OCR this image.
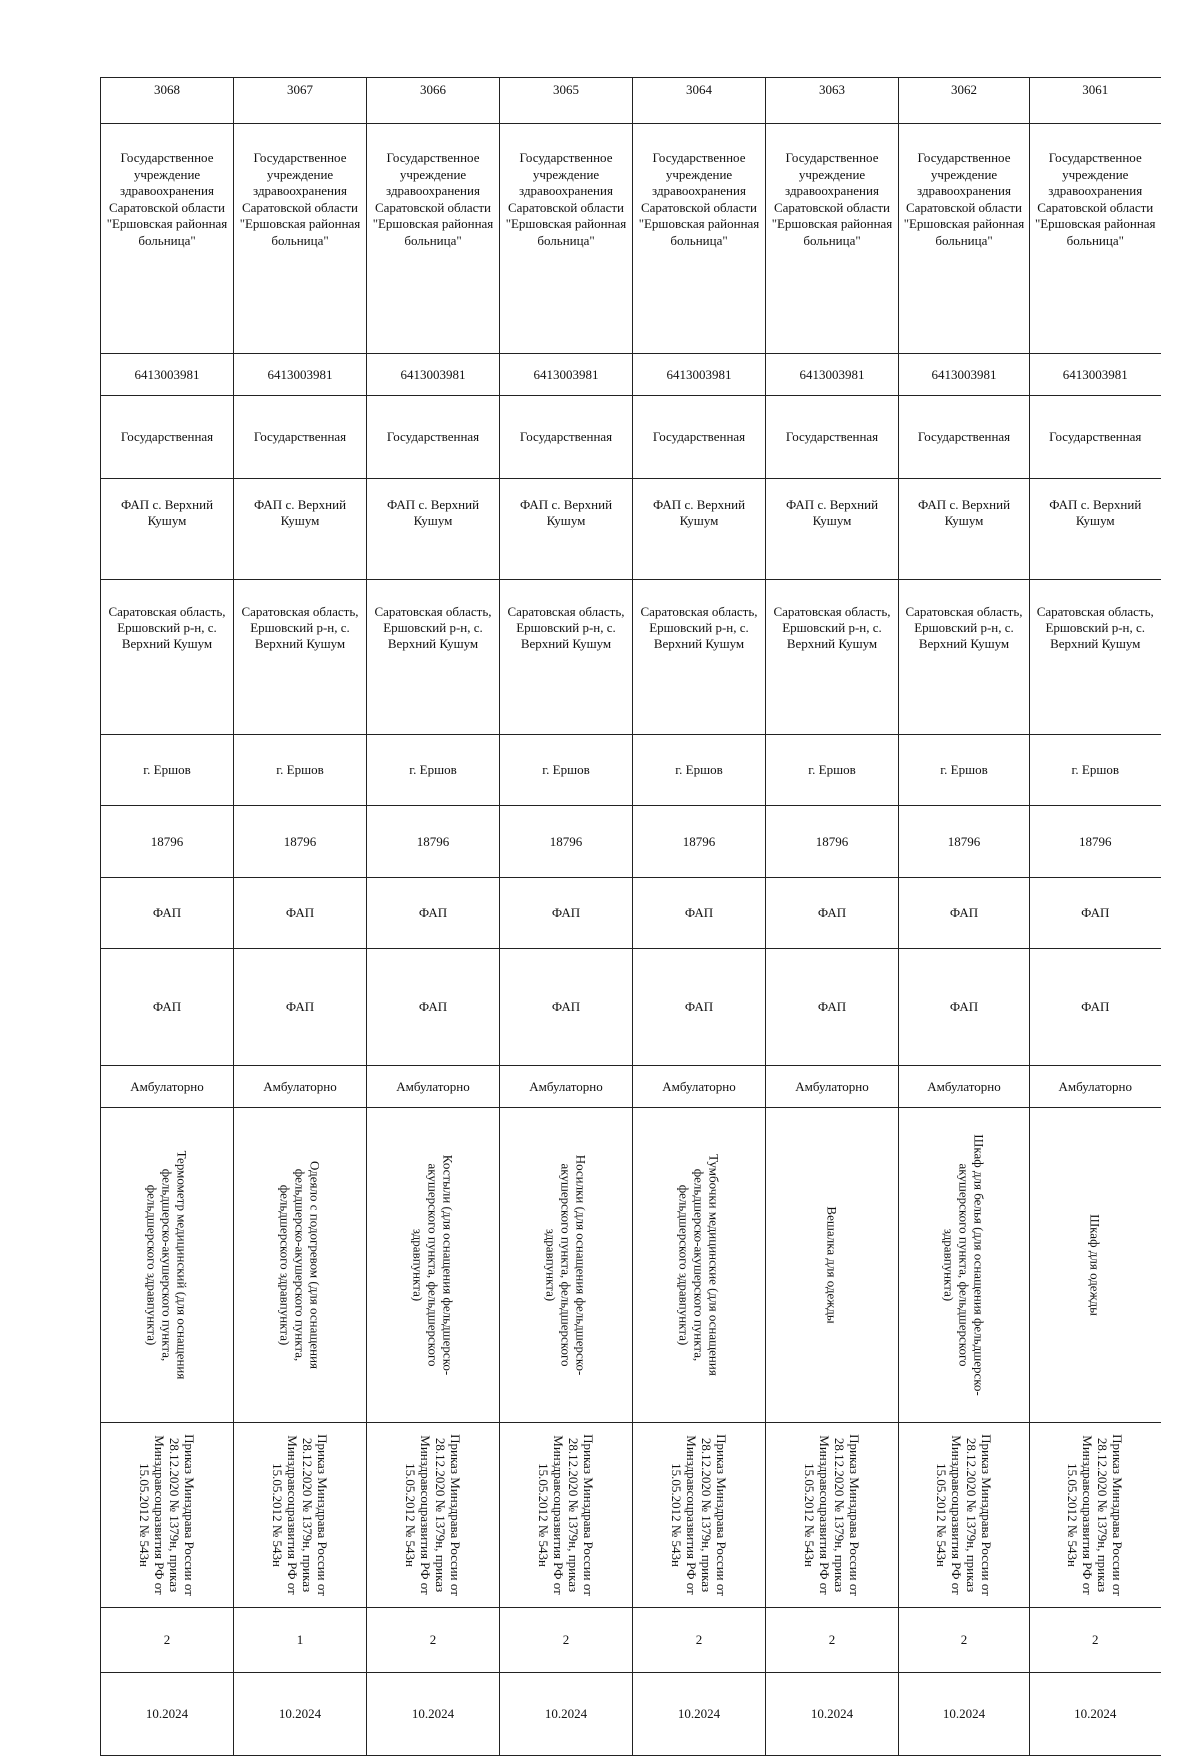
3068	3067	3066	3065	3064	3063	3062	3061
Государственное учреждение здравоохранения Саратовской области "Ершовская районная больница"	Государственное учреждение здравоохранения Саратовской области "Ершовская районная больница"	Государственное учреждение здравоохранения Саратовской области "Ершовская районная больница"	Государственное учреждение здравоохранения Саратовской области "Ершовская районная больница"	Государственное учреждение здравоохранения Саратовской области "Ершовская районная больница"	Государственное учреждение здравоохранения Саратовской области "Ершовская районная больница"	Государственное учреждение здравоохранения Саратовской области "Ершовская районная больница"	Государственное учреждение здравоохранения Саратовской области "Ершовская районная больница"
6413003981	6413003981	6413003981	6413003981	6413003981	6413003981	6413003981	6413003981
Государственная	Государственная	Государственная	Государственная	Государственная	Государственная	Государственная	Государственная
ФАП с. Верхний Кушум	ФАП с. Верхний Кушум	ФАП с. Верхний Кушум	ФАП с. Верхний Кушум	ФАП с. Верхний Кушум	ФАП с. Верхний Кушум	ФАП с. Верхний Кушум	ФАП с. Верхний Кушум
Саратовская область, Ершовский р-н, с. Верхний Кушум	Саратовская область, Ершовский р-н, с. Верхний Кушум	Саратовская область, Ершовский р-н, с. Верхний Кушум	Саратовская область, Ершовский р-н, с. Верхний Кушум	Саратовская область, Ершовский р-н, с. Верхний Кушум	Саратовская область, Ершовский р-н, с. Верхний Кушум	Саратовская область, Ершовский р-н, с. Верхний Кушум	Саратовская область, Ершовский р-н, с. Верхний Кушум
г. Ершов	г. Ершов	г. Ершов	г. Ершов	г. Ершов	г. Ершов	г. Ершов	г. Ершов
18796	18796	18796	18796	18796	18796	18796	18796
ФАП	ФАП	ФАП	ФАП	ФАП	ФАП	ФАП	ФАП
ФАП	ФАП	ФАП	ФАП	ФАП	ФАП	ФАП	ФАП
Амбулаторно	Амбулаторно	Амбулаторно	Амбулаторно	Амбулаторно	Амбулаторно	Амбулаторно	Амбулаторно

Термометр медицинский (для оснащения фельдшерско-акушерского пункта, фельдшерского здравпункта)	Одеяло с подогревом (для оснащения фельдшерско-акушерского пункта, фельдшерского здравпункта)	Костыли (для оснащения фельдшерско-акушерского пункта, фельдшерского здравпункта)	Носилки (для оснащения фельдшерско-акушерского пункта, фельдшерского здравпункта)	Тумбочки медицинские (для оснащения фельдшерско-акушерского пункта, фельдшерского здравпункта)	Вешалка для одежды	Шкаф для белья (для оснащения фельдшерско-акушерского пункта, фельдшерского здравпункта)	Шкаф для одежды

Приказ Минздрава России от 28.12.2020 № 1379н, приказ Минздравсоцразвития РФ от 15.05.2012 № 543н	Приказ Минздрава России от 28.12.2020 № 1379н, приказ Минздравсоцразвития РФ от 15.05.2012 № 543н	Приказ Минздрава России от 28.12.2020 № 1379н, приказ Минздравсоцразвития РФ от 15.05.2012 № 543н	Приказ Минздрава России от 28.12.2020 № 1379н, приказ Минздравсоцразвития РФ от 15.05.2012 № 543н	Приказ Минздрава России от 28.12.2020 № 1379н, приказ Минздравсоцразвития РФ от 15.05.2012 № 543н	Приказ Минздрава России от 28.12.2020 № 1379н, приказ Минздравсоцразвития РФ от 15.05.2012 № 543н	Приказ Минздрава России от 28.12.2020 № 1379н, приказ Минздравсоцразвития РФ от 15.05.2012 № 543н	Приказ Минздрава России от 28.12.2020 № 1379н, приказ Минздравсоцразвития РФ от 15.05.2012 № 543н

2	1	2	2	2	2	2	2
10.2024	10.2024	10.2024	10.2024	10.2024	10.2024	10.2024	10.2024
